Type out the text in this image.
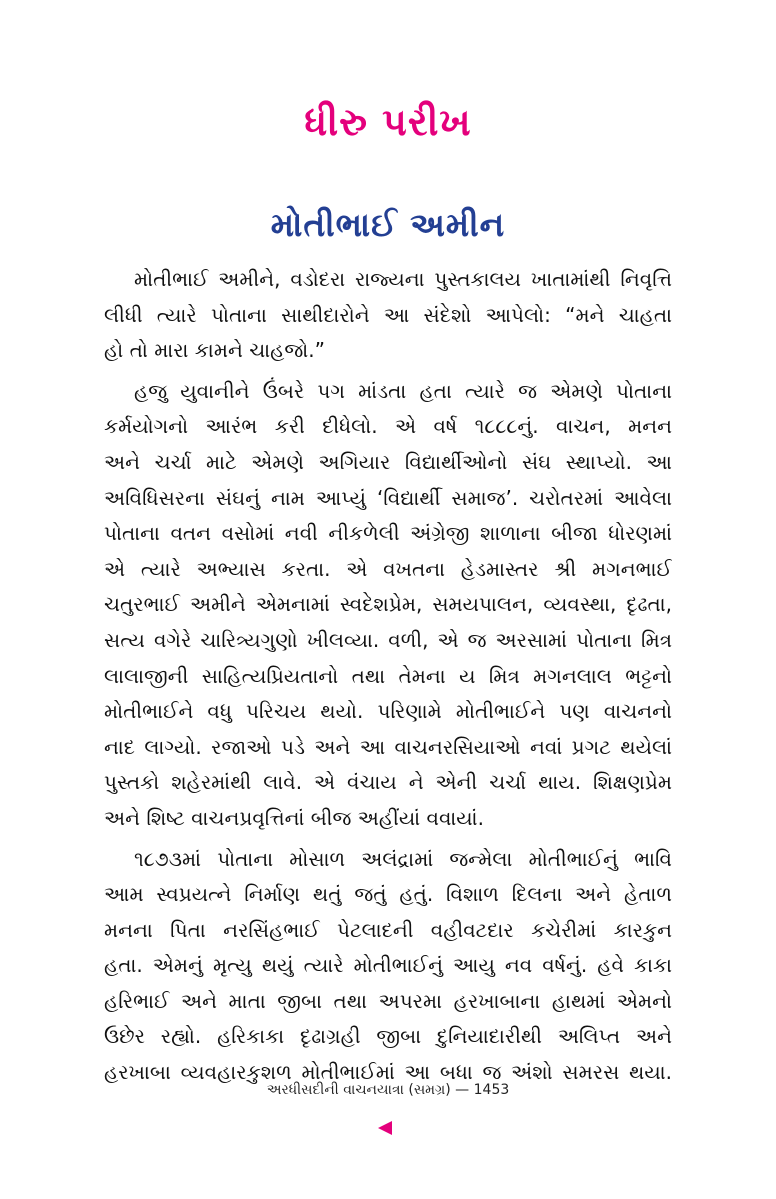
ધીરુ પરીખ
મોતીભાઈ અમીન
મોતીભાઈ અમીને, વડોદરા રાજ્યના પુસ્તકાલય ખાતામાંથી નિવૃત્તિ
લીધી ત્યારે પોતાના સાથીદારોને આ સંદેશો આપેલો: “મને ચાહતા
હો તો મારા કામને ચાહજો.”
હજુ યુવાનીને ઉંબરે પગ માંડતા હતા ત્યારે જ એમણે પોતાના
કર્મયોગનો આરંભ કરી દીધેલો. એ વર્ષ ૧૮૮૮નું. વાચન, મનન
અને ચર્ચા માટે એમણે અગિયાર વિદ્યાર્થીઓનો સંઘ સ્થાપ્યો. આ
અવિધિસરના સંઘનું નામ આપ્યું ‘વિદ્યાર્થી સમાજ’. ચરોતરમાં આવેલા
પોતાના વતન વસોમાં નવી નીકળેલી અંગ્રેજી શાળાના બીજા ધોરણમાં
એ ત્યારે અભ્યાસ કરતા. એ વખતના હેડમાસ્તર શ્રી મગનભાઈ
ચતુરભાઈ અમીને એમનામાં સ્વદેશપ્રેમ, સમયપાલન, વ્યવસ્થા, દૃઢતા,
સત્ય વગેરે ચારિત્ર્યગુણો ખીલવ્યા. વળી, એ જ અરસામાં પોતાના મિત્ર
લાલાજીની સાહિત્યપ્રિયતાનો તથા તેમના ય મિત્ર મગનલાલ ભટ્ટનો
મોતીભાઈને વધુ પરિચય થયો. પરિણામે મોતીભાઈને પણ વાચનનો
નાદ લાગ્યો. રજાઓ પડે અને આ વાચનરસિયાઓ નવાં પ્રગટ થયેલાં
પુસ્તકો શહેરમાંથી લાવે. એ વંચાય ને એની ચર્ચા થાય. શિક્ષણપ્રેમ
અને શિષ્ટ વાચનપ્રવૃત્તિનાં બીજ અહીંયાં વવાયાં.
૧૮૭૩માં પોતાના મોસાળ અલંદ્રામાં જન્મેલા મોતીભાઈનું ભાવિ
આમ સ્વપ્રયત્ને નિર્માણ થતું જતું હતું. વિશાળ દિલના અને હેતાળ
મનના પિતા નરસિંહભાઈ પેટલાદની વહીવટદાર કચેરીમાં કારકુન
હતા. એમનું મૃત્યુ થયું ત્યારે મોતીભાઈનું આયુ નવ વર્ષનું. હવે કાકા
હરિભાઈ અને માતા જીબા તથા અપરમા હરખાબાના હાથમાં એમનો
ઉછેર રહ્યો. હરિકાકા દૃઢાગ્રહી જીબા દુનિયાદારીથી અલિપ્ત અને
હરખાબા વ્યવહારકુશળ મોતીભાઈમાં આ બધા જ અંશો સમરસ થયા.
અરધીસદીની વાચનયાત્રા (સમગ્ર) — 1453
